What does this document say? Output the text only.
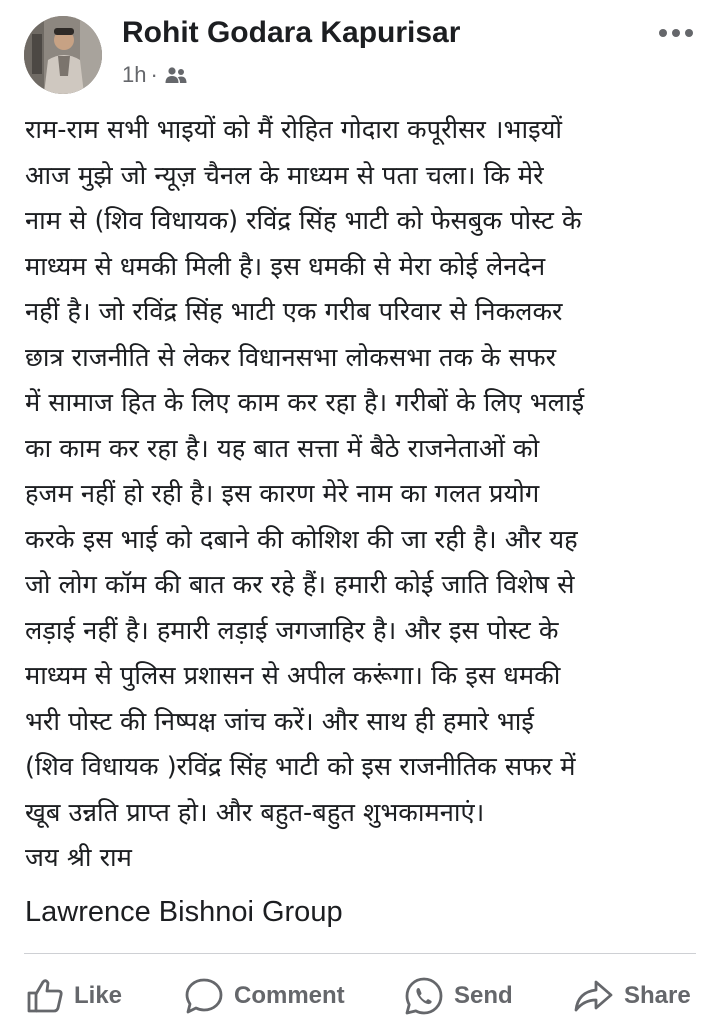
Rohit Godara Kapurisar
1h ·
राम-राम सभी भाइयों को मैं रोहित गोदारा कपूरीसर ।भाइयों
आज मुझे जो न्यूज़ चैनल के माध्यम से पता चला। कि मेरे
नाम से (शिव विधायक) रविंद्र सिंह भाटी को फेसबुक पोस्ट के
माध्यम से धमकी मिली है। इस धमकी से मेरा कोई लेनदेन
नहीं है। जो रविंद्र सिंह भाटी एक गरीब परिवार से निकलकर
छात्र राजनीति से लेकर विधानसभा लोकसभा तक के सफर
में सामाज हित के लिए काम कर रहा है। गरीबों के लिए भलाई
का काम कर रहा है। यह बात सत्ता में बैठे राजनेताओं को
हजम नहीं हो रही है। इस कारण मेरे नाम का गलत प्रयोग
करके इस भाई को दबाने की कोशिश की जा रही है। और यह
जो लोग कॉम की बात कर रहे हैं। हमारी कोई जाति विशेष से
लड़ाई नहीं है। हमारी लड़ाई जगजाहिर है। और इस पोस्ट के
माध्यम से पुलिस प्रशासन से अपील करूंगा। कि इस धमकी
भरी पोस्ट की निष्पक्ष जांच करें। और साथ ही हमारे भाई
(शिव विधायक )रविंद्र सिंह भाटी को इस राजनीतिक सफर में
खूब उन्नति प्राप्त हो। और बहुत-बहुत शुभकामनाएं।
जय श्री राम
Lawrence Bishnoi Group
Like	Comment	Send	Share
